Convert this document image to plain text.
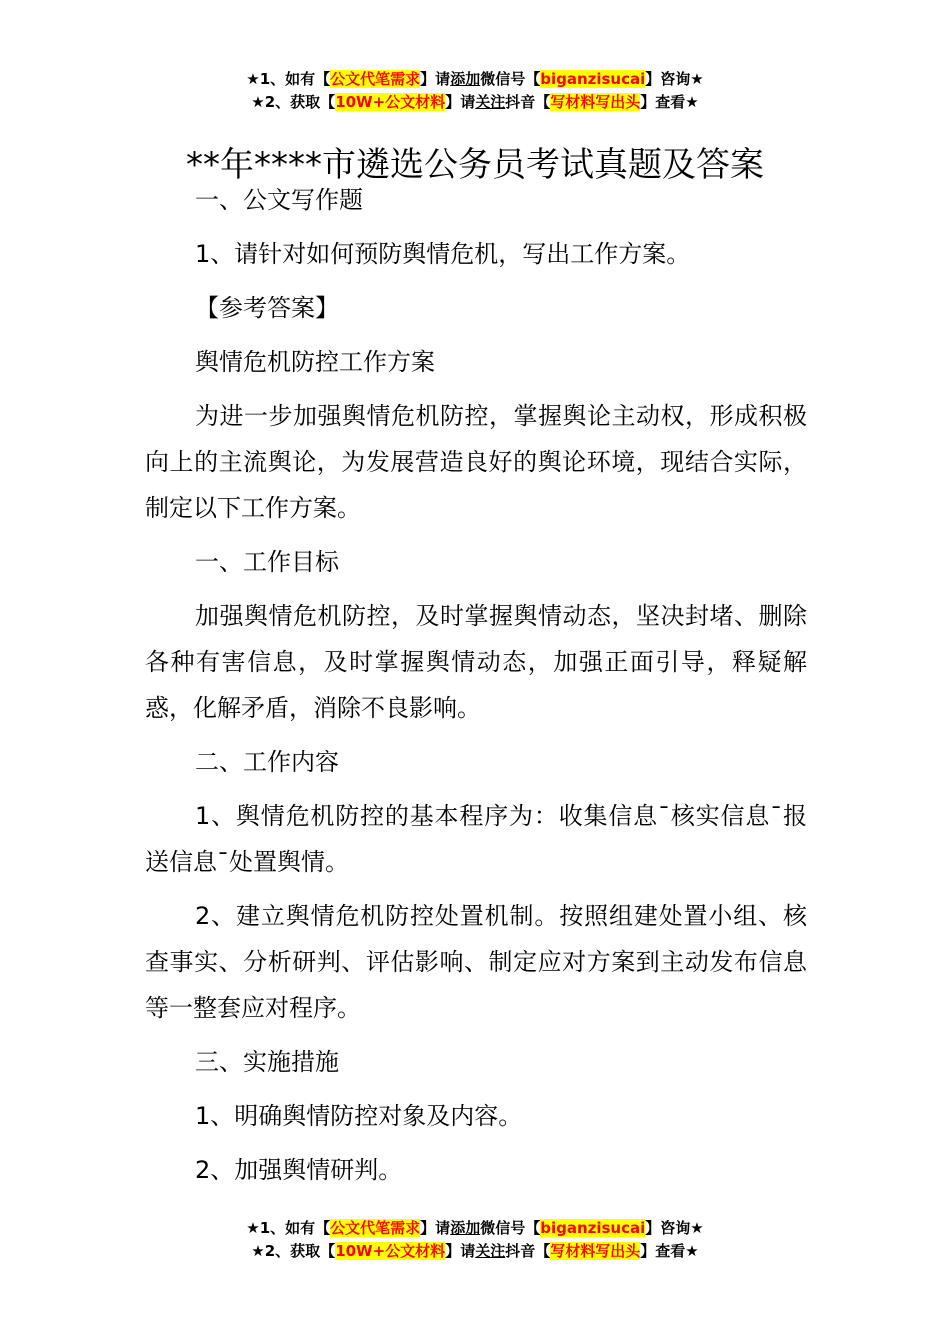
★1、如有【公文代笔需求】请添加微信号【biganzisucai】咨询★
★2、获取【10W+公文材料】请关注抖音【写材料写出头】查看★
**年****市遴选公务员考试真题及答案

一、公文写作题

1、请针对如何预防舆情危机，写出工作方案。

【参考答案】

舆情危机防控工作方案

为进一步加强舆情危机防控，掌握舆论主动权，形成积极向上的主流舆论，为发展营造良好的舆论环境，现结合实际，制定以下工作方案。

一、工作目标

加强舆情危机防控，及时掌握舆情动态，坚决封堵、删除各种有害信息，及时掌握舆情动态，加强正面引导，释疑解惑，化解矛盾，消除不良影响。

二、工作内容

1、舆情危机防控的基本程序为：收集信息¯核实信息¯报送信息¯处置舆情。

2、建立舆情危机防控处置机制。按照组建处置小组、核查事实、分析研判、评估影响、制定应对方案到主动发布信息等一整套应对程序。

三、实施措施

1、明确舆情防控对象及内容。

2、加强舆情研判。

★1、如有【公文代笔需求】请添加微信号【biganzisucai】咨询★
★2、获取【10W+公文材料】请关注抖音【写材料写出头】查看★
